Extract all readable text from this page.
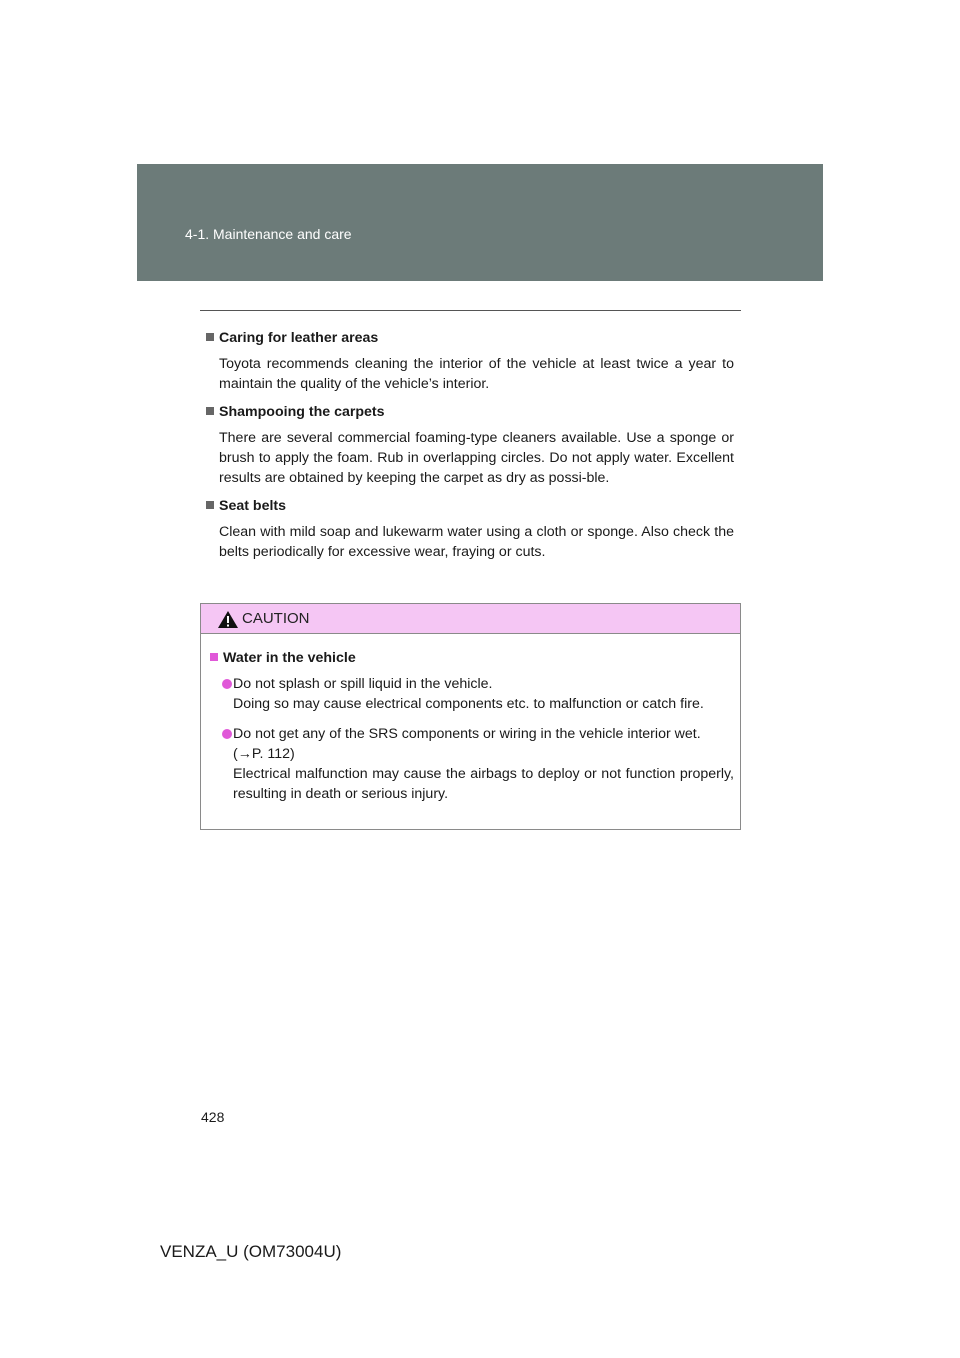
4-1. Maintenance and care

Caring for leather areas

Toyota recommends cleaning the interior of the vehicle at least twice a year to maintain the quality of the vehicle’s interior.

Shampooing the carpets

There are several commercial foaming-type cleaners available. Use a sponge or brush to apply the foam. Rub in overlapping circles. Do not apply water. Excellent results are obtained by keeping the carpet as dry as possi-ble.

Seat belts

Clean with mild soap and lukewarm water using a cloth or sponge. Also check the belts periodically for excessive wear, fraying or cuts.

CAUTION
Water in the vehicle
Do not splash or spill liquid in the vehicle.
Doing so may cause electrical components etc. to malfunction or catch fire.
Do not get any of the SRS components or wiring in the vehicle interior wet.
(→P. 112)
Electrical malfunction may cause the airbags to deploy or not function properly, resulting in death or serious injury.
428
VENZA_U (OM73004U)
